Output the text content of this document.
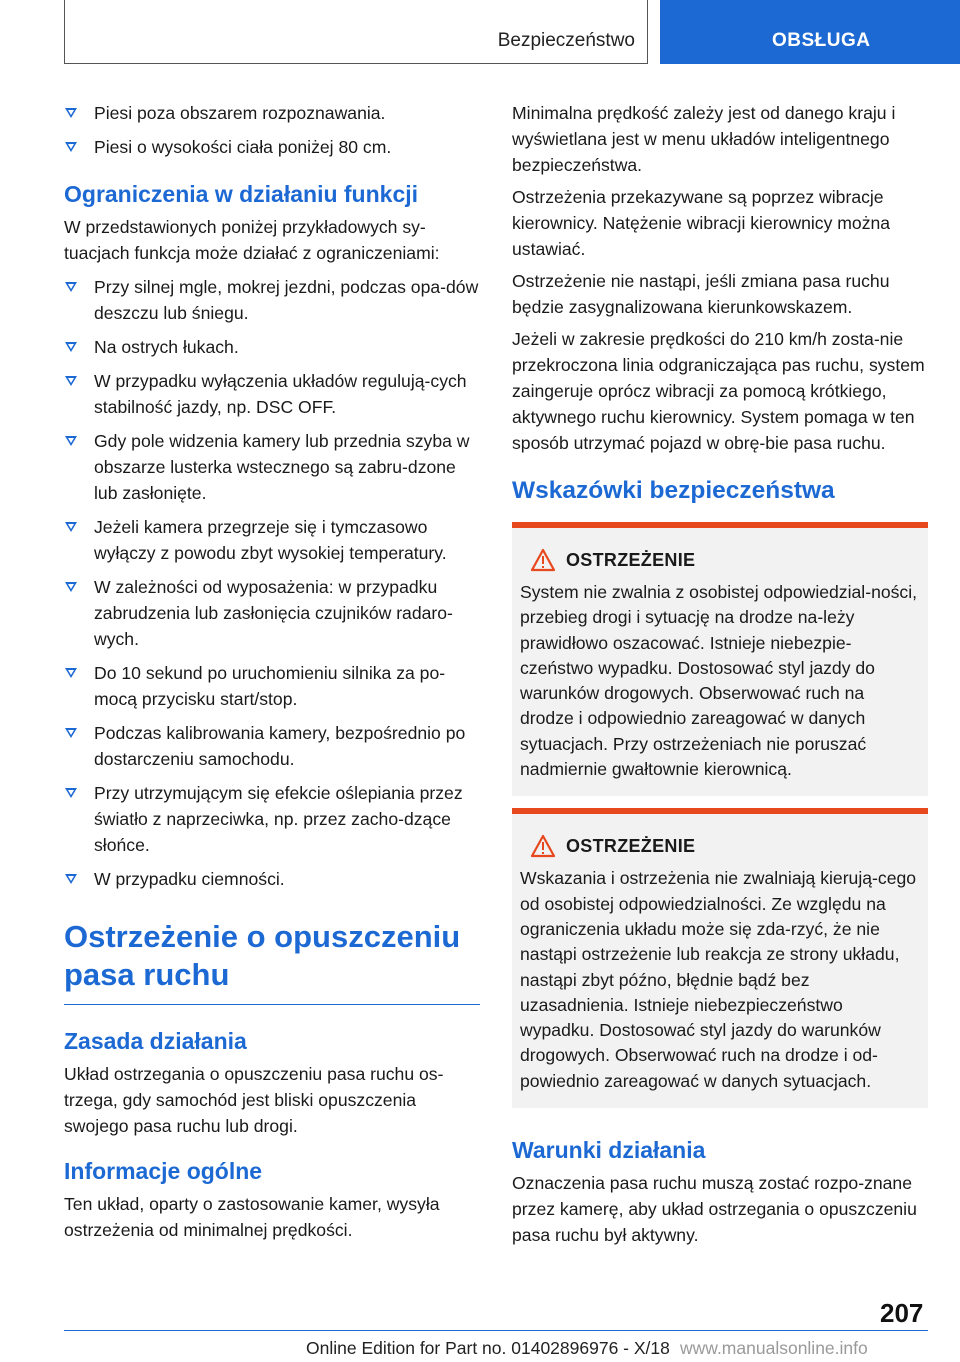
Bezpieczeństwo	OBSŁUGA
Piesi poza obszarem rozpoznawania.
Piesi o wysokości ciała poniżej 80 cm.
Ograniczenia w działaniu funkcji

W przedstawionych poniżej przykładowych sy-tuacjach funkcja może działać z ograniczeniami:

Przy silnej mgle, mokrej jezdni, podczas opa-dów deszczu lub śniegu.
Na ostrych łukach.
W przypadku wyłączenia układów regulują-cych stabilność jazdy, np. DSC OFF.
Gdy pole widzenia kamery lub przednia szyba w obszarze lusterka wstecznego są zabru-dzone lub zasłonięte.
Jeżeli kamera przegrzeje się i tymczasowo wyłączy z powodu zbyt wysokiej temperatury.
W zależności od wyposażenia: w przypadku zabrudzenia lub zasłonięcia czujników radaro-wych.
Do 10 sekund po uruchomieniu silnika za po-mocą przycisku start/stop.
Podczas kalibrowania kamery, bezpośrednio po dostarczeniu samochodu.
Przy utrzymującym się efekcie oślepiania przez światło z naprzeciwka, np. przez zacho-dzące słońce.
W przypadku ciemności.
Ostrzeżenie o opuszczeniu pasa ruchu
Zasada działania

Układ ostrzegania o opuszczeniu pasa ruchu os-trzega, gdy samochód jest bliski opuszczenia swojego pasa ruchu lub drogi.

Informacje ogólne

Ten układ, oparty o zastosowanie kamer, wysyła ostrzeżenia od minimalnej prędkości.

Minimalna prędkość zależy jest od danego kraju i wyświetlana jest w menu układów inteligentnego bezpieczeństwa.

Ostrzeżenia przekazywane są poprzez wibracje kierownicy. Natężenie wibracji kierownicy można ustawiać.

Ostrzeżenie nie nastąpi, jeśli zmiana pasa ruchu będzie zasygnalizowana kierunkowskazem.

Jeżeli w zakresie prędkości do 210 km/h zosta-nie przekroczona linia odgraniczająca pas ruchu, system zaingeruje oprócz wibracji za pomocą krótkiego, aktywnego ruchu kierownicy. System pomaga w ten sposób utrzymać pojazd w obrę-bie pasa ruchu.

Wskazówki bezpieczeństwa
OSTRZEŻENIE

System nie zwalnia z osobistej odpowiedzial-ności, przebieg drogi i sytuację na drodze na-leży prawidłowo oszacować. Istnieje niebezpie-czeństwo wypadku. Dostosować styl jazdy do warunków drogowych. Obserwować ruch na drodze i odpowiednio zareagować w danych sytuacjach. Przy ostrzeżeniach nie poruszać nadmiernie gwałtownie kierownicą.

OSTRZEŻENIE

Wskazania i ostrzeżenia nie zwalniają kierują-cego od osobistej odpowiedzialności. Ze względu na ograniczenia układu może się zda-rzyć, że nie nastąpi ostrzeżenie lub reakcja ze strony układu, nastąpi zbyt późno, błędnie bądź bez uzasadnienia. Istnieje niebezpieczeństwo wypadku. Dostosować styl jazdy do warunków drogowych. Obserwować ruch na drodze i od-powiednio zareagować w danych sytuacjach.

Warunki działania

Oznaczenia pasa ruchu muszą zostać rozpo-znane przez kamerę, aby układ ostrzegania o opuszczeniu pasa ruchu był aktywny.

207
Online Edition for Part no. 01402896976 - X/18 www.manualsonline.info
